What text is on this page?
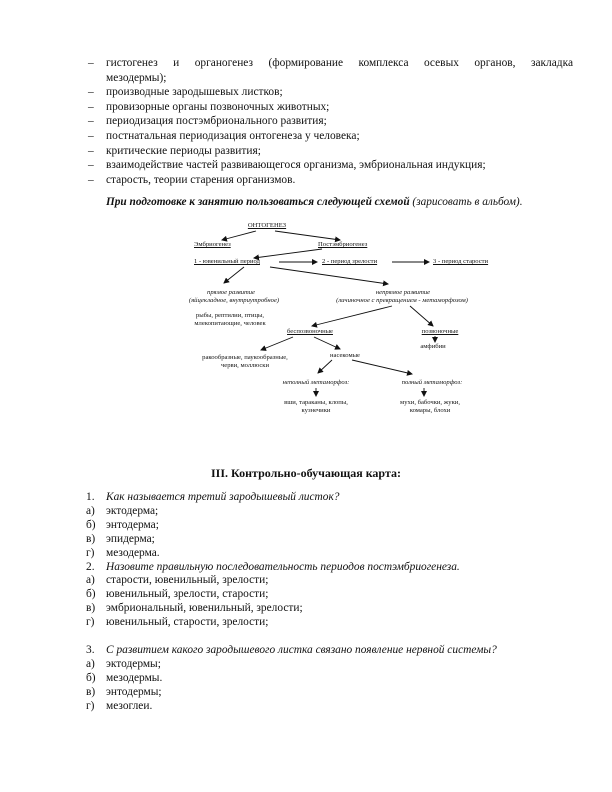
– гистогенез и органогенез (формирование комплекса осевых органов, закладка
мезодермы);
– производные зародышевых листков;
– провизорные органы позвоночных животных;
– периодизация постэмбрионального развития;
– постнатальная периодизация онтогенеза у человека;
– критические периоды развития;
– взаимодействие частей развивающегося организма, эмбриональная индукция;
– старость, теории старения организмов.
При подготовке к занятию пользоваться следующей схемой (зарисовать в альбом).
ОНТОГЕНЕЗ
Эмбриогенез	Постэмбриогенез
1 - ювенильный период	2 - период зрелости	3 - период старости
прямое развитие
(яйцекладное, внутриутробное)
рыбы, рептилии, птицы,
млекопитающие, человек
непрямое развитие
(личиночное с превращением - метаморфозом)
беспозвоночные	позвоночные
амфибии
ракообразные, паукообразные,
черви, моллюски
насекомые
неполный метаморфоз:	полный метаморфоз:
вши, тараканы, клопы,
кузнечики
мухи, бабочки, жуки,
комары, блохи
III. Контрольно-обучающая карта:
1. Как называется третий зародышевый листок?
а) эктодерма;
б) энтодерма;
в) эпидерма;
г) мезодерма.
2. Назовите правильную последовательность периодов постэмбриогенеза.
а) старости, ювенильный, зрелости;
б) ювенильный, зрелости, старости;
в) эмбриональный, ювенильный, зрелости;
г) ювенильный, старости, зрелости;
3. С развитием какого зародышевого листка связано появление нервной системы?
а) эктодермы;
б) мезодермы.
в) энтодермы;
г) мезоглеи.
